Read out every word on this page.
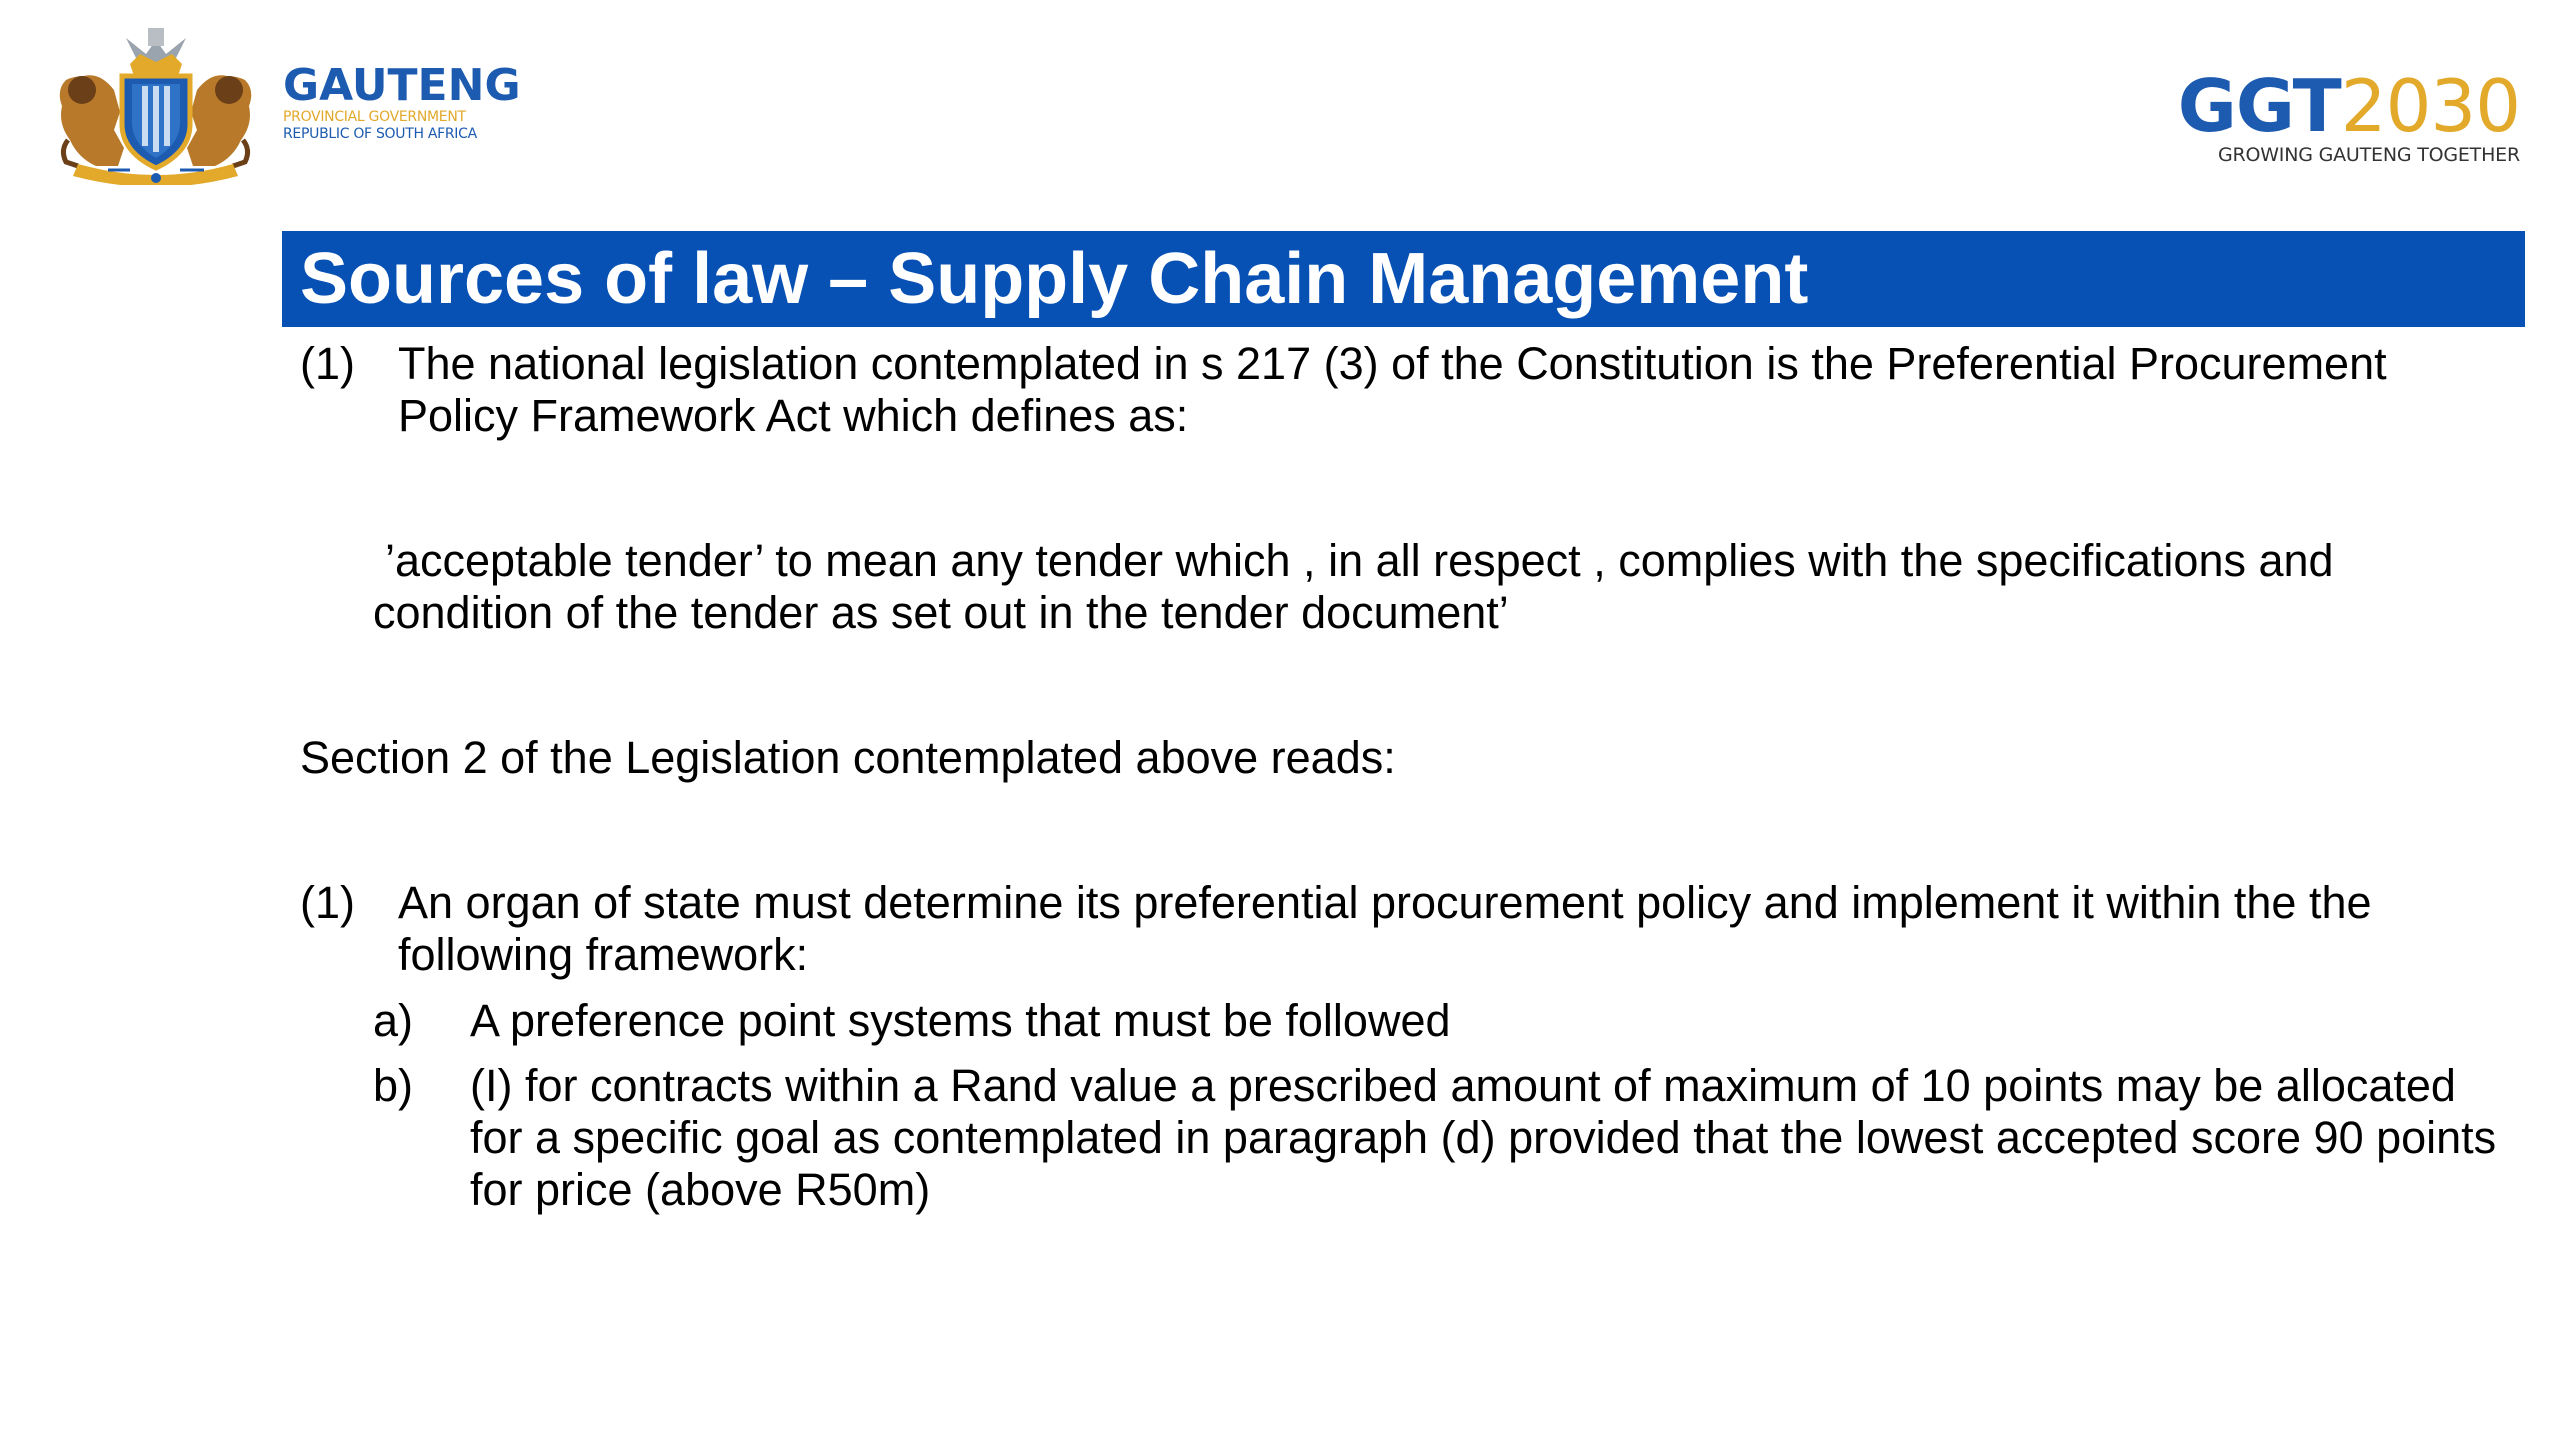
GAUTENG
PROVINCIAL GOVERNMENT
REPUBLIC OF SOUTH AFRICA	GGT2030
GROWING GAUTENG TOGETHER
Sources of law – Supply Chain Management
(1) The national legislation contemplated in s 217 (3) of the Constitution is the Preferential Procurement Policy Framework Act which defines as:
’acceptable tender’ to mean any tender which , in all respect , complies with the specifications and condition of the tender as set out in the tender document’
Section 2 of the Legislation contemplated above reads:
(1) An organ of state must determine its preferential procurement policy and implement it within the the following framework:
a)	A preference point systems that must be followed
b)	(I) for contracts within a Rand value a prescribed amount of maximum of 10 points may be allocated for a specific goal as contemplated in paragraph (d) provided that the lowest accepted score 90 points for price (above R50m)
